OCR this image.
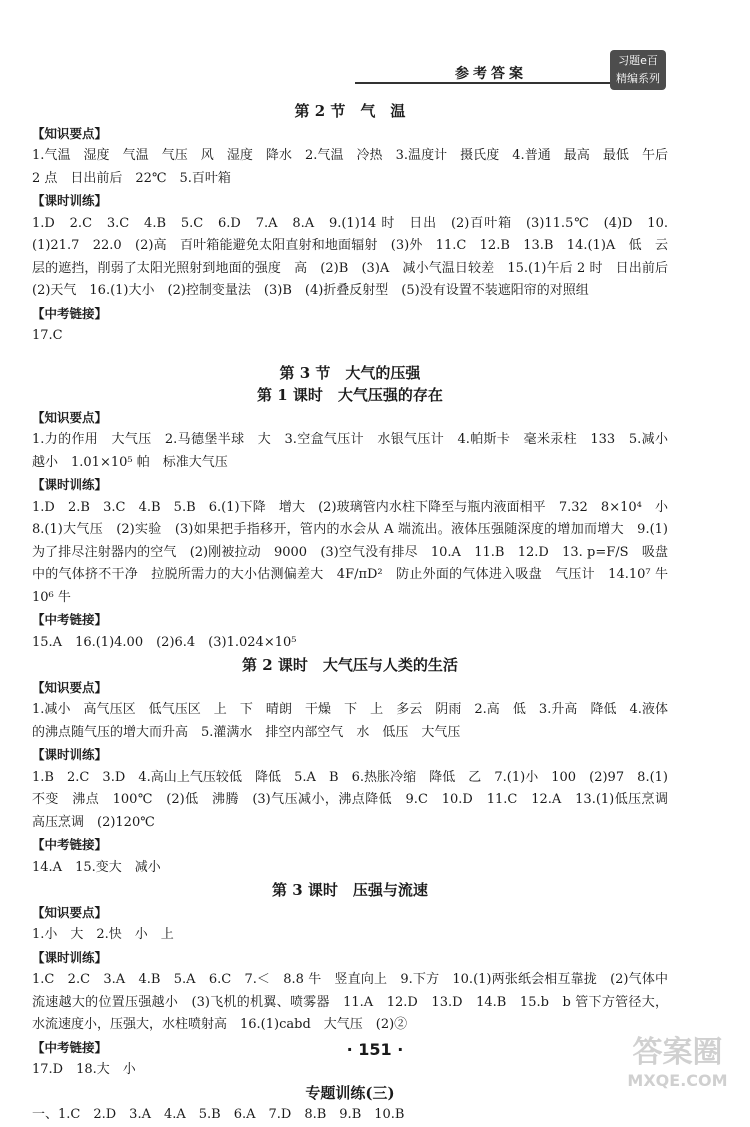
参考答案
习题e百
精编系列
第 2 节　气　温
【知识要点】
1.气温　湿度　气温　气压　风　湿度　降水　2.气温　冷热　3.温度计　摄氏度　4.普通　最高　最低　午后 2 点　日出前后　22℃　5.百叶箱
【课时训练】
1.D　2.C　3.C　4.B　5.C　6.D　7.A　8.A　9.(1)14 时　日出　(2)百叶箱　(3)11.5℃　(4)D　10.(1)21.7　22.0　(2)高　百叶箱能避免太阳直射和地面辐射　(3)外　11.C　12.B　13.B　14.(1)A　低　云层的遮挡，削弱了太阳光照射到地面的强度　高　(2)B　(3)A　减小气温日较差　15.(1)午后 2 时　日出前后　(2)天气　16.(1)大小　(2)控制变量法　(3)B　(4)折叠反射型　(5)没有设置不装遮阳帘的对照组
【中考链接】
17.C
第 3 节　大气的压强
第 1 课时　大气压强的存在
【知识要点】
1.力的作用　大气压　2.马德堡半球　大　3.空盒气压计　水银气压计　4.帕斯卡　毫米汞柱　133　5.减小　越小　1.01×10⁵ 帕　标准大气压
【课时训练】
1.D　2.B　3.C　4.B　5.B　6.(1)下降　增大　(2)玻璃管内水柱下降至与瓶内液面相平　7.32　8×10⁴　小　8.(1)大气压　(2)实验　(3)如果把手指移开，管内的水会从 A 端流出。液体压强随深度的增加而增大　9.(1)为了排尽注射器内的空气　(2)刚被拉动　9000　(3)空气没有排尽　10.A　11.B　12.D　13. p=F/S　吸盘中的气体挤不干净　拉脱所需力的大小估测偏差大　4F/πD²　防止外面的气体进入吸盘　气压计　14.10⁷ 牛　10⁶ 牛
【中考链接】
15.A　16.(1)4.00　(2)6.4　(3)1.024×10⁵
第 2 课时　大气压与人类的生活
【知识要点】
1.减小　高气压区　低气压区　上　下　晴朗　干燥　下　上　多云　阴雨　2.高　低　3.升高　降低　4.液体的沸点随气压的增大而升高　5.灌满水　排空内部空气　水　低压　大气压
【课时训练】
1.B　2.C　3.D　4.高山上气压较低　降低　5.A　B　6.热胀冷缩　降低　乙　7.(1)小　100　(2)97　8.(1)不变　沸点　100℃　(2)低　沸腾　(3)气压减小，沸点降低　9.C　10.D　11.C　12.A　13.(1)低压烹调　高压烹调　(2)120℃
【中考链接】
14.A　15.变大　减小
第 3 课时　压强与流速
【知识要点】
1.小　大　2.快　小　上
【课时训练】
1.C　2.C　3.A　4.B　5.A　6.C　7.＜　8.8 牛　竖直向上　9.下方　10.(1)两张纸会相互靠拢　(2)气体中流速越大的位置压强越小　(3)飞机的机翼、喷雾器　11.A　12.D　13.D　14.B　15.b　b 管下方管径大，水流速度小，压强大，水柱喷射高　16.(1)cabd　大气压　(2)②
【中考链接】
17.D　18.大　小
专题训练(三)
一、1.C　2.D　3.A　4.A　5.B　6.A　7.D　8.B　9.B　10.B
· 151 ·	答案圈
MXQE.COM
